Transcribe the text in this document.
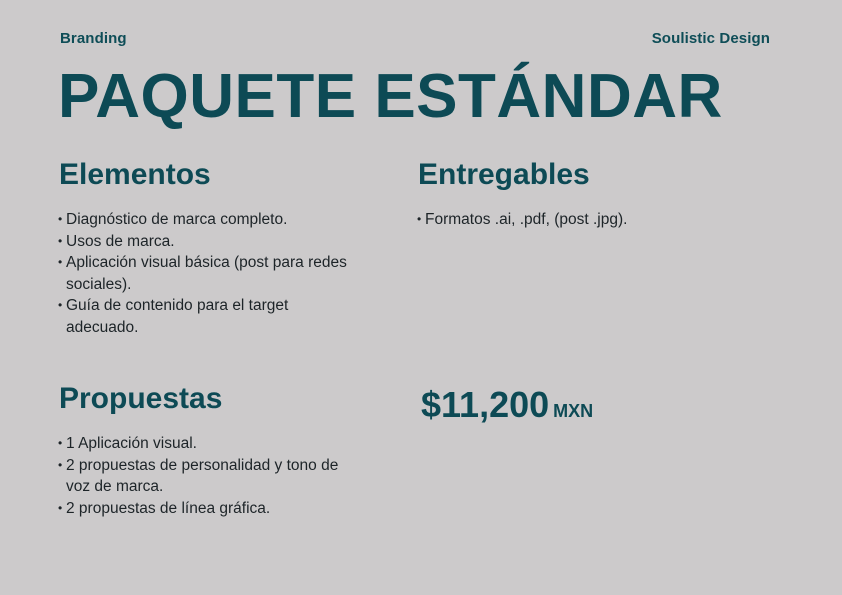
Branding	Soulistic Design
PAQUETE ESTÁNDAR
Elementos
• Diagnóstico de marca completo.
• Usos de marca.
• Aplicación visual básica (post para redes sociales).
• Guía de contenido para el target adecuado.
Entregables
• Formatos .ai, .pdf, (post .jpg).
Propuestas
• 1 Aplicación visual.
• 2 propuestas de personalidad y tono de voz de marca.
• 2 propuestas de línea gráfica.
$11,200 MXN
